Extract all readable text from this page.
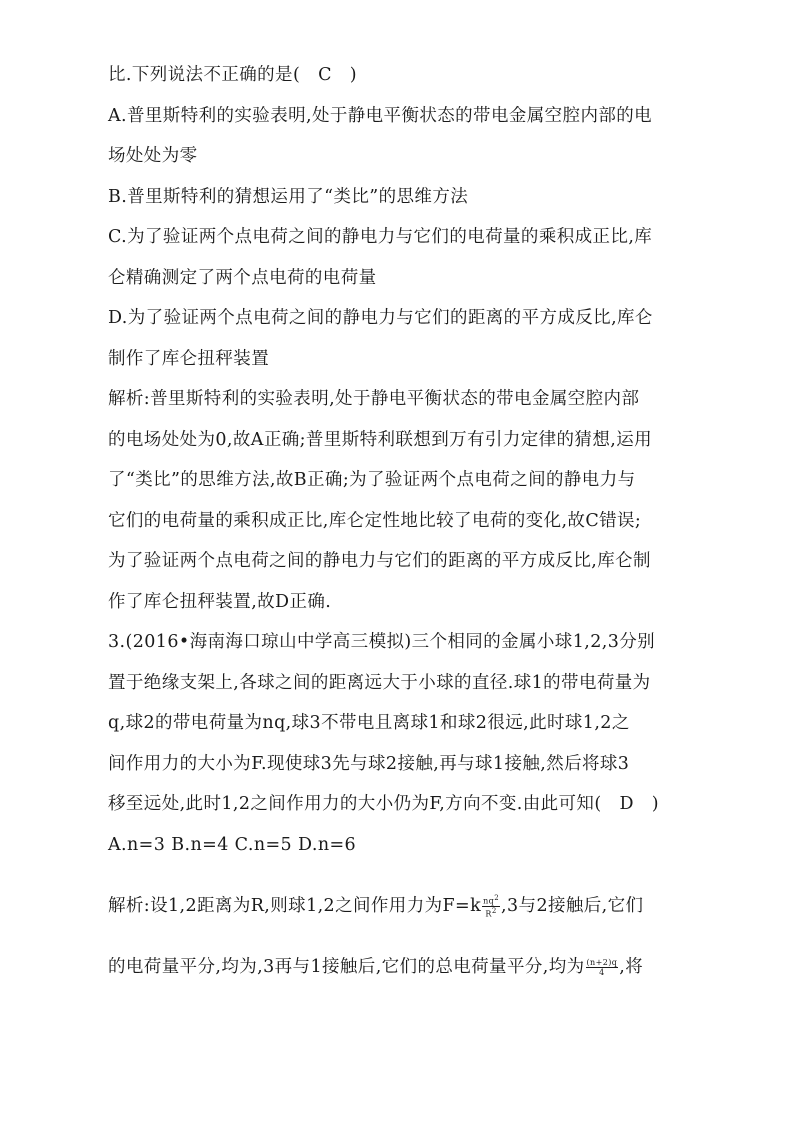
比.下列说法不正确的是(　C　)
A.普里斯特利的实验表明,处于静电平衡状态的带电金属空腔内部的电
场处处为零
B.普里斯特利的猜想运用了“类比”的思维方法
C.为了验证两个点电荷之间的静电力与它们的电荷量的乘积成正比,库
仑精确测定了两个点电荷的电荷量
D.为了验证两个点电荷之间的静电力与它们的距离的平方成反比,库仑
制作了库仑扭秤装置
解析:普里斯特利的实验表明,处于静电平衡状态的带电金属空腔内部
的电场处处为0,故A正确;普里斯特利联想到万有引力定律的猜想,运用
了“类比”的思维方法,故B正确;为了验证两个点电荷之间的静电力与
它们的电荷量的乘积成正比,库仑定性地比较了电荷的变化,故C错误;
为了验证两个点电荷之间的静电力与它们的距离的平方成反比,库仑制
作了库仑扭秤装置,故D正确.
3.(2016•海南海口琼山中学高三模拟)三个相同的金属小球1,2,3分别
置于绝缘支架上,各球之间的距离远大于小球的直径.球1的带电荷量为
q,球2的带电荷量为nq,球3不带电且离球1和球2很远,此时球1,2之
间作用力的大小为F.现使球3先与球2接触,再与球1接触,然后将球3
移至远处,此时1,2之间作用力的大小仍为F,方向不变.由此可知(　D　)
A.n=3 B.n=4 C.n=5 D.n=6
解析:设1,2距离为R,则球1,2之间作用力为$F=k \frac{nq^2}{R^2} ,3$与2接触后,它们
的电荷量平分,均为,3再与1接触后,它们的总电荷量平分,均为 $\frac{(n+2)q}{4}$ ,将
